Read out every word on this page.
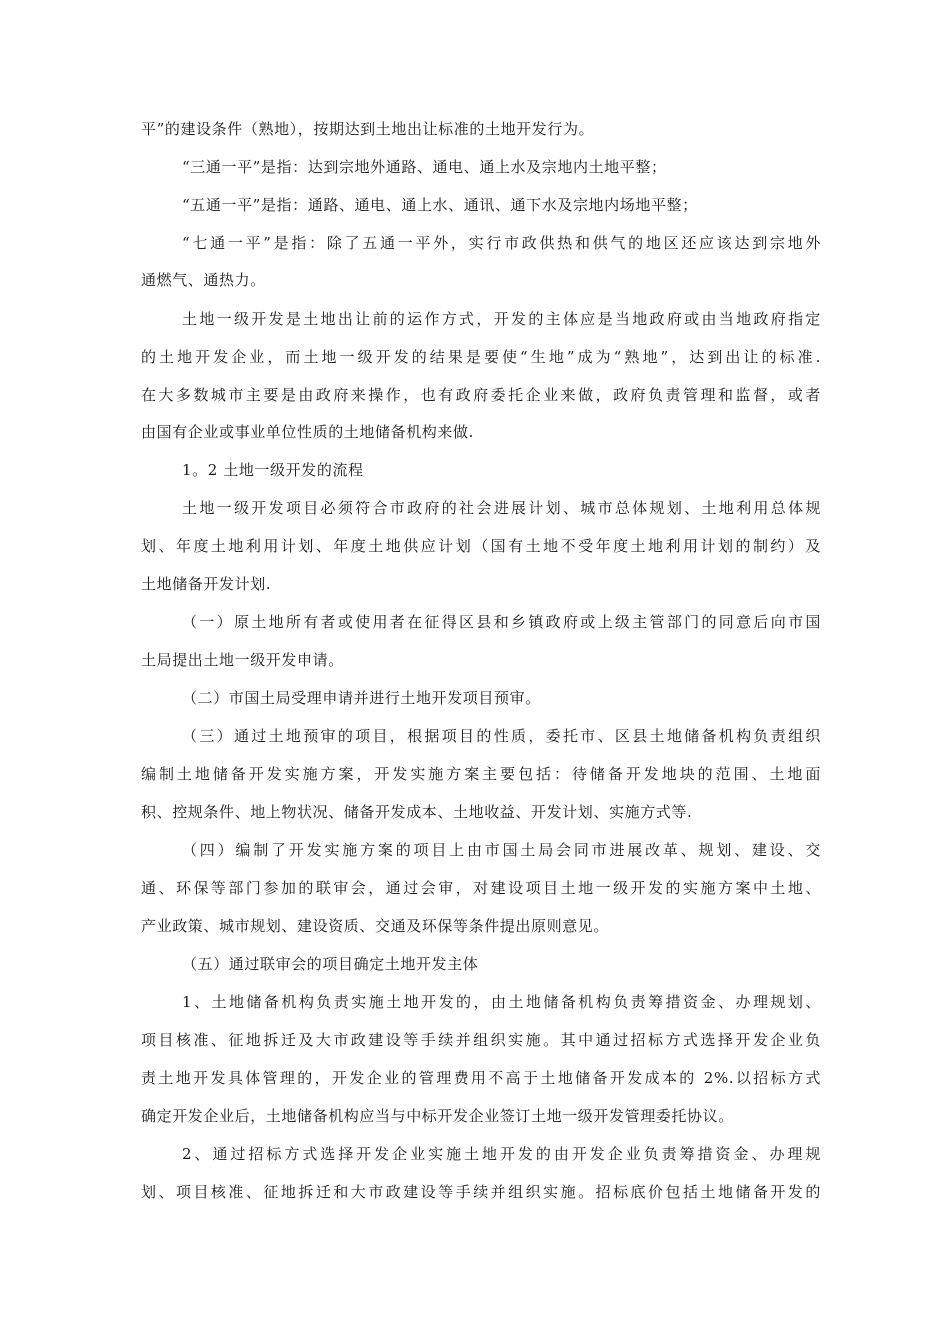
平”的建设条件（熟地），按期达到土地出让标准的土地开发行为。
“三通一平”是指：达到宗地外通路、通电、通上水及宗地内土地平整；
“五通一平”是指：通路、通电、通上水、通讯、通下水及宗地内场地平整；
“七通一平”是指：除了五通一平外，实行市政供热和供气的地区还应该达到宗地外
通燃气、通热力。
土地一级开发是土地出让前的运作方式，开发的主体应是当地政府或由当地政府指定
的土地开发企业，而土地一级开发的结果是要使“生地”成为“熟地”，达到出让的标准.
在大多数城市主要是由政府来操作，也有政府委托企业来做，政府负责管理和监督，或者
由国有企业或事业单位性质的土地储备机构来做.
1。2 土地一级开发的流程
土地一级开发项目必须符合市政府的社会进展计划、城市总体规划、土地利用总体规
划、年度土地利用计划、年度土地供应计划（国有土地不受年度土地利用计划的制约）及
土地储备开发计划.
（一）原土地所有者或使用者在征得区县和乡镇政府或上级主管部门的同意后向市国
土局提出土地一级开发申请。
（二）市国土局受理申请并进行土地开发项目预审。
（三）通过土地预审的项目，根据项目的性质，委托市、区县土地储备机构负责组织
编制土地储备开发实施方案，开发实施方案主要包括：待储备开发地块的范围、土地面
积、控规条件、地上物状况、储备开发成本、土地收益、开发计划、实施方式等.
（四）编制了开发实施方案的项目上由市国土局会同市进展改革、规划、建设、交
通、环保等部门参加的联审会，通过会审，对建设项目土地一级开发的实施方案中土地、
产业政策、城市规划、建设资质、交通及环保等条件提出原则意见。
（五）通过联审会的项目确定土地开发主体
1、土地储备机构负责实施土地开发的，由土地储备机构负责筹措资金、办理规划、
项目核准、征地拆迁及大市政建设等手续并组织实施。其中通过招标方式选择开发企业负
责土地开发具体管理的，开发企业的管理费用不高于土地储备开发成本的 2%.以招标方式
确定开发企业后，土地储备机构应当与中标开发企业签订土地一级开发管理委托协议。
2、通过招标方式选择开发企业实施土地开发的由开发企业负责筹措资金、办理规
划、项目核准、征地拆迁和大市政建设等手续并组织实施。招标底价包括土地储备开发的
